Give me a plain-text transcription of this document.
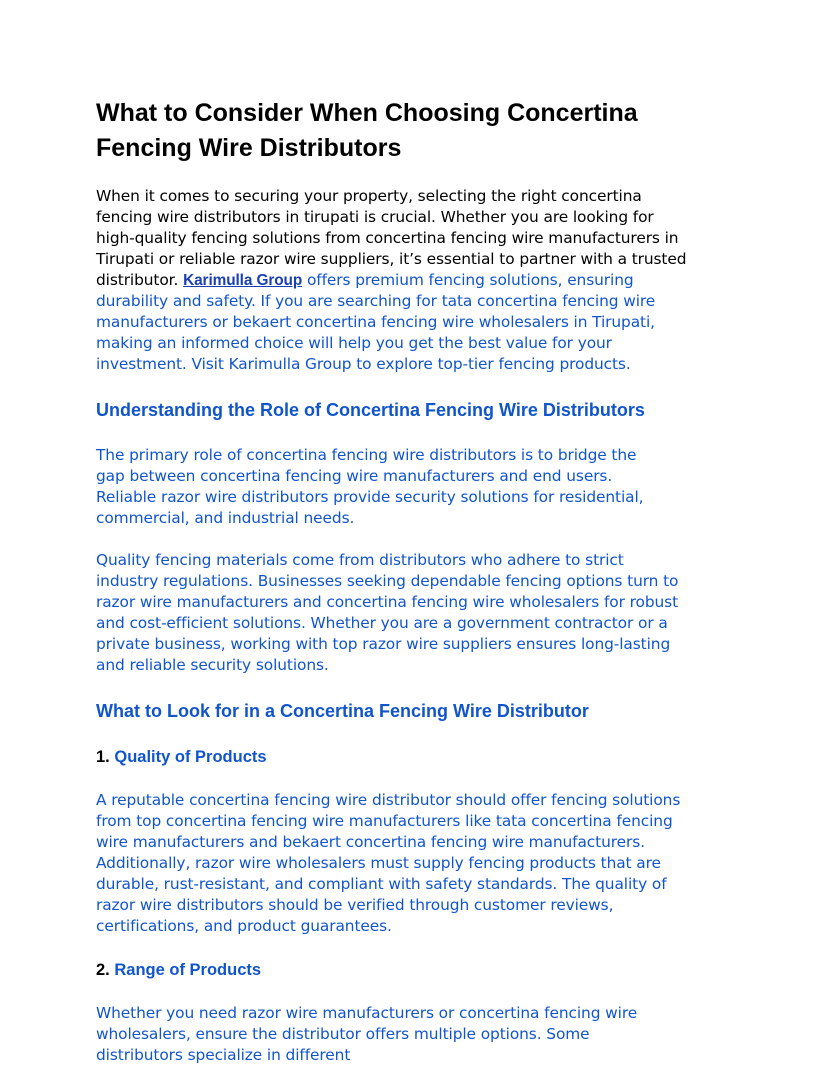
What to Consider When Choosing Concertina
Fencing Wire Distributors
When it comes to securing your property, selecting the right concertina
fencing wire distributors in tirupati is crucial. Whether you are looking for
high-quality fencing solutions from concertina fencing wire manufacturers in
Tirupati or reliable razor wire suppliers, it’s essential to partner with a trusted
distributor. Karimulla Group offers premium fencing solutions, ensuring
durability and safety. If you are searching for tata concertina fencing wire
manufacturers or bekaert concertina fencing wire wholesalers in Tirupati,
making an informed choice will help you get the best value for your
investment. Visit Karimulla Group to explore top-tier fencing products.
Understanding the Role of Concertina Fencing Wire Distributors
The primary role of concertina fencing wire distributors is to bridge the
gap between concertina fencing wire manufacturers and end users.
Reliable razor wire distributors provide security solutions for residential,
commercial, and industrial needs.
Quality fencing materials come from distributors who adhere to strict
industry regulations. Businesses seeking dependable fencing options turn to
razor wire manufacturers and concertina fencing wire wholesalers for robust
and cost-efficient solutions. Whether you are a government contractor or a
private business, working with top razor wire suppliers ensures long-lasting
and reliable security solutions.
What to Look for in a Concertina Fencing Wire Distributor
1. Quality of Products
A reputable concertina fencing wire distributor should offer fencing solutions
from top concertina fencing wire manufacturers like tata concertina fencing
wire manufacturers and bekaert concertina fencing wire manufacturers.
Additionally, razor wire wholesalers must supply fencing products that are
durable, rust-resistant, and compliant with safety standards. The quality of
razor wire distributors should be verified through customer reviews,
certifications, and product guarantees.
2. Range of Products
Whether you need razor wire manufacturers or concertina fencing wire
wholesalers, ensure the distributor offers multiple options. Some
distributors specialize in different
